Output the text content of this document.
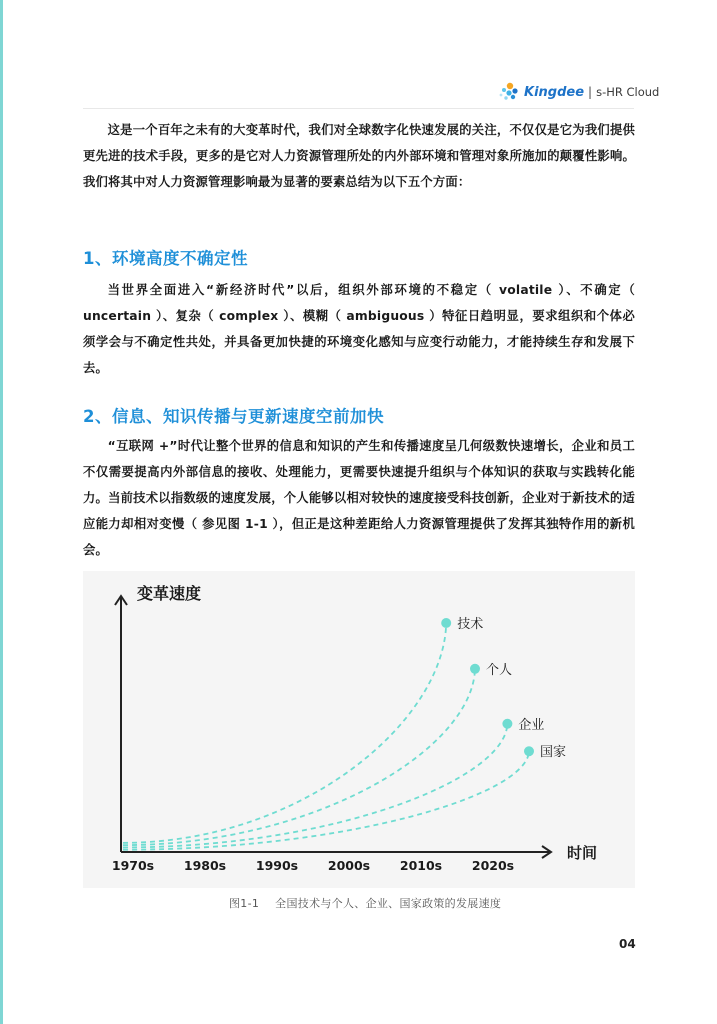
Kingdee | s-HR Cloud

这是一个百年之未有的大变革时代，我们对全球数字化快速发展的关注，不仅仅是它为我们提供更先进的技术手段，更多的是它对人力资源管理所处的内外部环境和管理对象所施加的颠覆性影响。我们将其中对人力资源管理影响最为显著的要素总结为以下五个方面：

1、环境高度不确定性

当世界全面进入“新经济时代”以后，组织外部环境的不稳定（ volatile ）、不确定（ uncertain ）、复杂（ complex ）、模糊（ ambiguous ）特征日趋明显，要求组织和个体必须学会与不确定性共处，并具备更加快捷的环境变化感知与应变行动能力，才能持续生存和发展下去。

2、信息、知识传播与更新速度空前加快

“互联网 +”时代让整个世界的信息和知识的产生和传播速度呈几何级数快速增长，企业和员工不仅需要提高内外部信息的接收、处理能力，更需要快速提升组织与个体知识的获取与实践转化能力。当前技术以指数级的速度发展，个人能够以相对较快的速度接受科技创新，企业对于新技术的适应能力却相对变慢（ 参见图 1-1 ），但正是这种差距给人力资源管理提供了发挥其独特作用的新机会。

变革速度
时间
1970s 1980s 1990s 2000s 2010s 2020s
技术
个人
企业
国家
图1-1 全国技术与个人、企业、国家政策的发展速度
04
